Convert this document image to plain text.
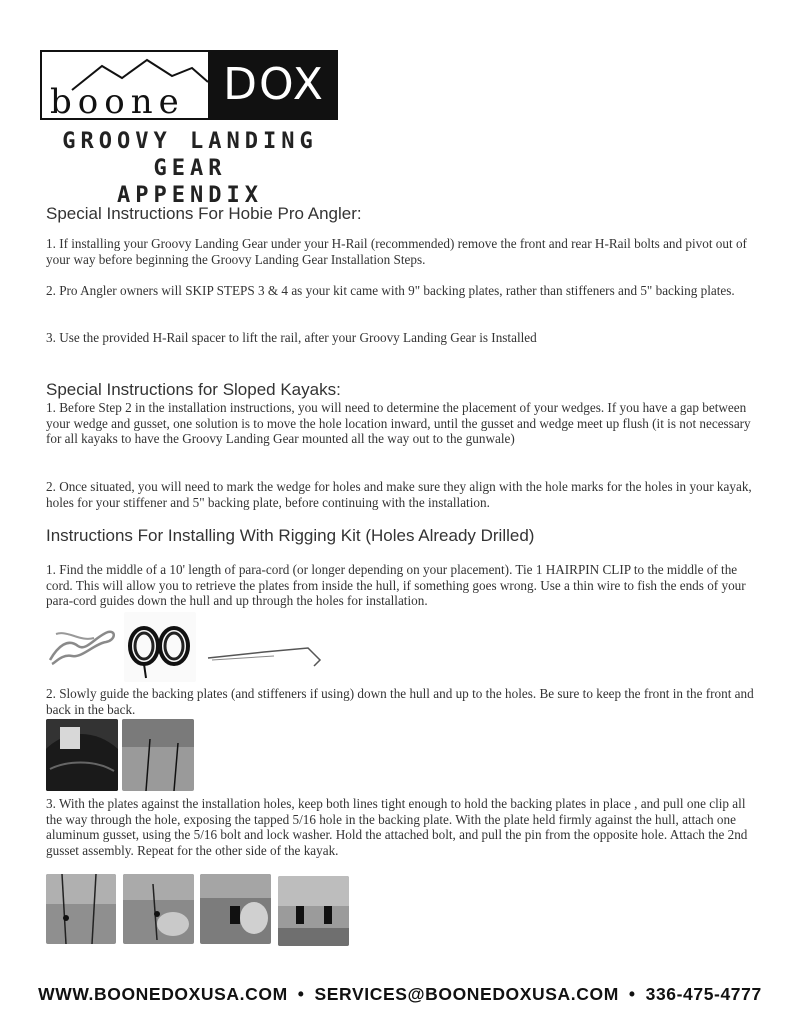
boone DOX
GROOVY LANDING GEAR
APPENDIX
Special Instructions For Hobie Pro Angler:

1. If installing your Groovy Landing Gear under your H-Rail (recommended) remove the front and rear H-Rail bolts and pivot out of your way before beginning the Groovy Landing Gear Installation Steps.

2. Pro Angler owners will SKIP STEPS 3 & 4 as your kit came with 9" backing plates, rather than stiffeners and 5" backing plates.

3. Use the provided H-Rail spacer to lift the rail, after your Groovy Landing Gear is Installed

Special Instructions for Sloped Kayaks:

1. Before Step 2 in the installation instructions, you will need to determine the placement of your wedges. If you have a gap between your wedge and gusset, one solution is to move the hole location inward, until the gusset and wedge meet up flush (it is not necessary for all kayaks to have the Groovy Landing Gear mounted all the way out to the gunwale)

2. Once situated, you will need to mark the wedge for holes and make sure they align with the hole marks for the holes in your kayak, holes for your stiffener and 5" backing plate, before continuing with the installation.

Instructions For Installing With Rigging Kit (Holes Already Drilled)

1. Find the middle of a 10' length of para-cord (or longer depending on your placement). Tie 1 HAIRPIN CLIP to the middle of the cord. This will allow you to retrieve the plates from inside the hull, if something goes wrong. Use a thin wire to fish the ends of your para-cord guides down the hull and up through the holes for installation.

2. Slowly guide the backing plates (and stiffeners if using) down the hull and up to the holes. Be sure to keep the front in the front and back in the back.

3. With the plates against the installation holes, keep both lines tight enough to hold the backing plates in place , and pull one clip all the way through the hole, exposing the tapped 5/16 hole in the backing plate. With the plate held firmly against the hull, attach one aluminum gusset, using the 5/16 bolt and lock washer. Hold the attached bolt, and pull the pin from the opposite hole. Attach the 2nd gusset assembly. Repeat for the other side of the kayak.

WWW.BOONEDOXUSA.COM • SERVICES@BOONEDOXUSA.COM • 336-475-4777
